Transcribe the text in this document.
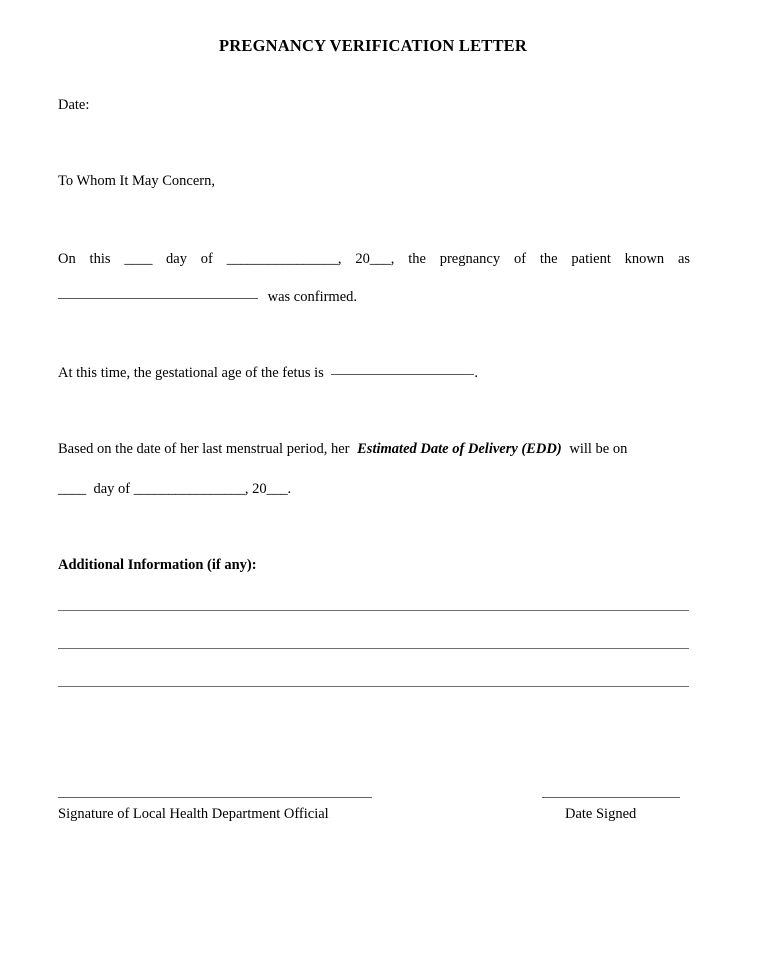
PREGNANCY VERIFICATION LETTER
Date:
To Whom It May Concern,
On this ____ day of ________________, 20___, the pregnancy of the patient known as
was confirmed.
At this time, the gestational age of the fetus is	.
Based on the date of her last menstrual period, her Estimated Date of Delivery (EDD) will be on
____ day of ________________, 20___.
Additional Information (if any):
Signature of Local Health Department Official	Date Signed
